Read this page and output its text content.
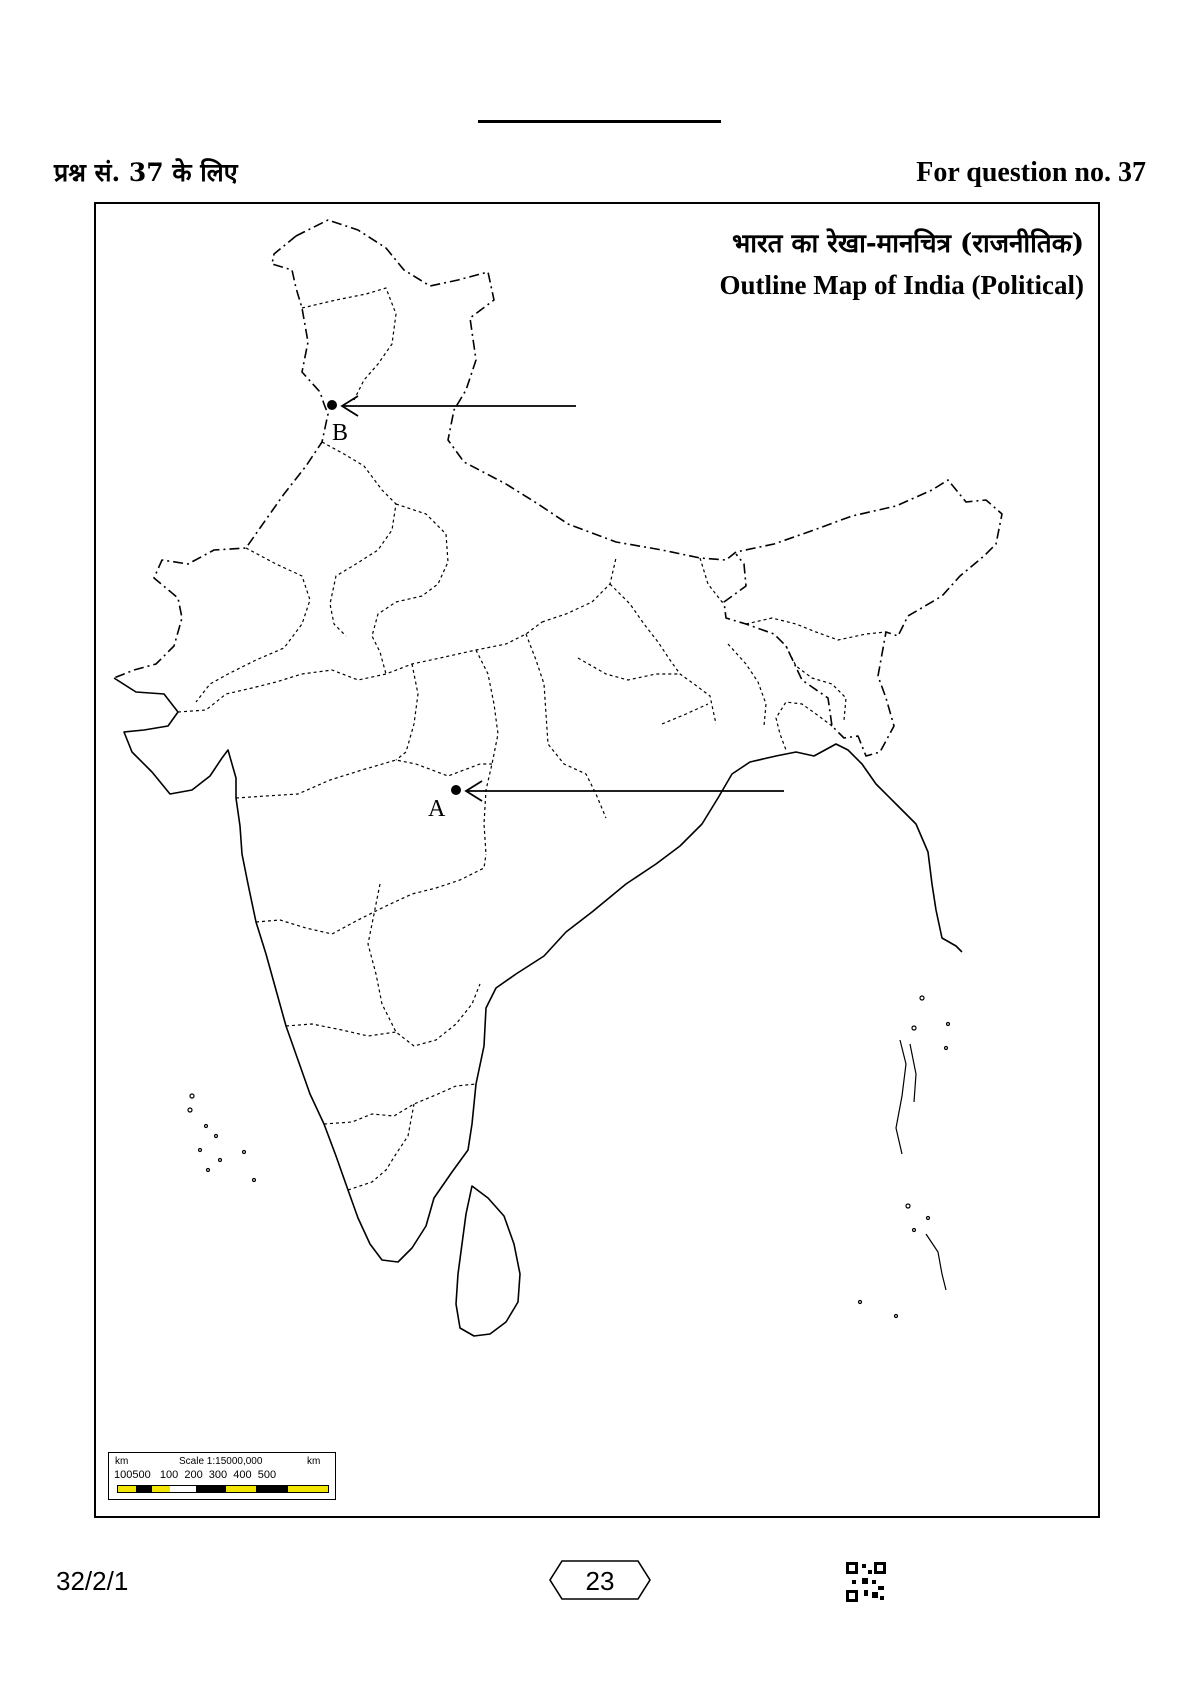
प्रश्न सं. 37 के लिए	For question no. 37
भारत का रेखा-मानचित्र (राजनीतिक)
Outline Map of India (Political)
B
A
km	Scale 1:15000,000	km
100500   100  200  300  400  500
32/2/1	23
